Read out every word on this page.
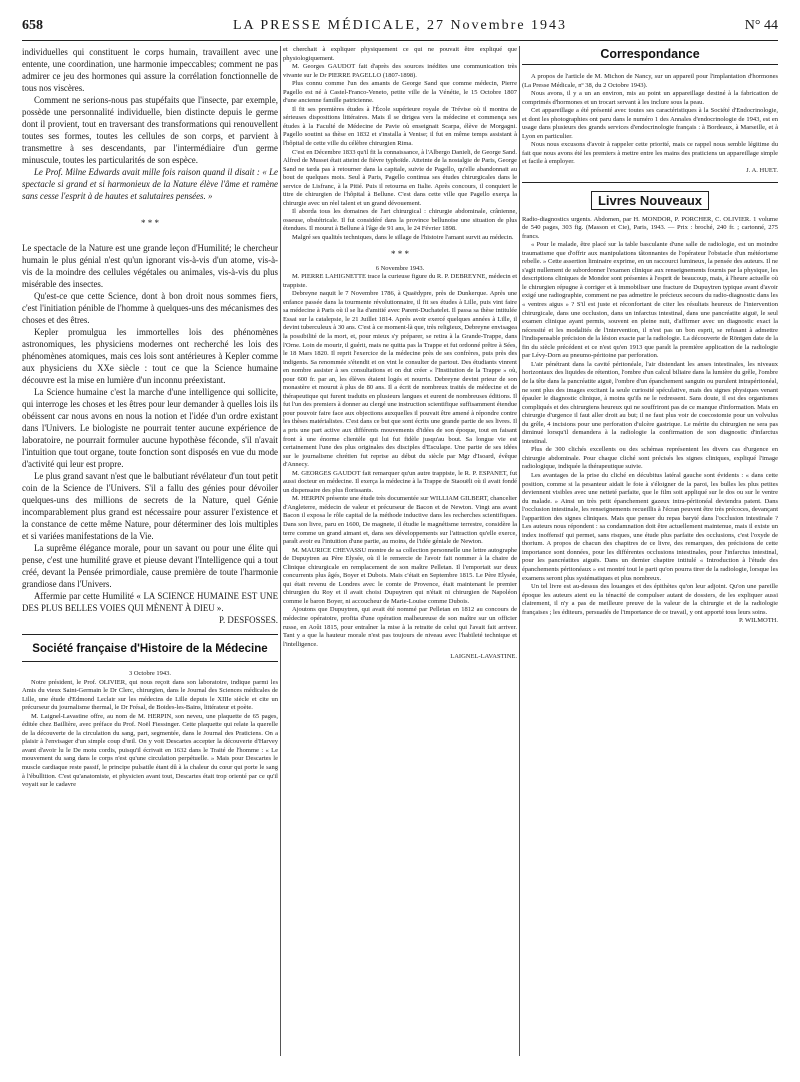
658	LA PRESSE MÉDICALE, 27 Novembre 1943	N° 44

individuelles qui constituent le corps humain, travaillent avec une entente, une coordination, une harmonie impeccables; comment ne pas admirer ce jeu des hormones qui assure la corrélation fonctionnelle de tous nos viscères.

Comment ne serions-nous pas stupéfaits que l'insecte, par exemple, possède une personnalité individuelle, bien distincte depuis le germe dont il provient, tout en traversant des transformations qui renouvellent toutes ses formes, toutes les cellules de son corps, et parvient à transmettre à ses descendants, par l'intermédiaire d'un germe minuscule, toutes les particularités de son espèce.

Le Prof. Milne Edwards avait mille fois raison quand il disait : « Le spectacle si grand et si harmonieux de la Nature élève l'âme et ramène sans cesse l'esprit à de hautes et salutaires pensées. »

* * *

Le spectacle de la Nature est une grande leçon d'Humilité; le chercheur humain le plus génial n'est qu'un ignorant vis-à-vis d'un atome, vis-à-vis de la moindre des cellules végétales ou animales, vis-à-vis du plus misérable des insectes.

Qu'est-ce que cette Science, dont à bon droit nous sommes fiers, c'est l'initiation pénible de l'homme à quelques-uns des mécanismes des choses et des êtres.

Kepler promulgua les immortelles lois des phénomènes astronomiques, les physiciens modernes ont recherché les lois des phénomènes atomiques, mais ces lois sont antérieures à Kepler comme aux physiciens du XXe siècle : tout ce que la Science humaine découvre est la mise en lumière d'un inconnu préexistant.

La Science humaine c'est la marche d'une intelligence qui sollicite, qui interroge les choses et les êtres pour leur demander à quelles lois ils obéissent car nous avons en nous la notion et l'idée d'un ordre existant dans l'Univers. Le biologiste ne pourrait tenter aucune expérience de laboratoire, ne pourrait formuler aucune hypothèse féconde, s'il n'avait l'intuition que tout organe, toute fonction sont disposés en vue du mode d'activité qui leur est propre.

Le plus grand savant n'est que le balbutiant révélateur d'un tout petit coin de la Science de l'Univers. S'il a fallu des génies pour dévoiler quelques-uns des millions de secrets de la Nature, quel Génie incomparablement plus grand est nécessaire pour assurer l'existence et la constance de cette même Nature, pour déterminer des lois multiples et si variées manifestations de la Vie.

La suprême élégance morale, pour un savant ou pour une élite qui pense, c'est une humilité grave et pieuse devant l'Intelligence qui a tout créé, devant la Pensée primordiale, cause première de toute l'harmonie grandiose dans l'Univers.

Affermie par cette Humilité « LA SCIENCE HUMAINE EST UNE DES PLUS BELLES VOIES QUI MÈNENT À DIEU ».

P. DESFOSSES.

Société française d'Histoire de la Médecine

3 Octobre 1943.

Notre président, le Prof. OLIVIER, qui nous reçoit dans son laboratoire, indique parmi les Amis du vieux Saint-Germain le Dr Clerc, chirurgien, dans le Journal des Sciences médicales de Lille, une étude d'Edmond Leclair sur les médecins de Lille depuis le XIIIe siècle et cite un précurseur du journalisme thermal, le Dr Frésal, de Boides-les-Bains, littérateur et poète.

M. Laignel-Lavastine offre, au nom de M. HERPIN, son neveu, une plaquette de 65 pages, éditée chez Baillière, avec préface du Prof. Noël Fiessinger. Cette plaquette qui relate la querelle de la découverte de la circulation du sang, part, segmentée, dans le Journal des Praticiens. On a plaisir à l'envisager d'un simple coup d'œil. On y voit Descartes accepter la découverte d'Harvey avant d'avoir lu le De motu cordis, puisqu'il écrivait en 1632 dans le Traité de l'homme : « Le mouvement du sang dans le corps n'est qu'une circulation perpétuelle. » Mais pour Descartes le muscle cardiaque reste passif, le principe pulsatile étant dû à la chaleur du cœur qui porte le sang à l'ébullition. C'est qu'anatomiste, et physicien avant tout, Descartes était trop orienté par ce qu'il voyait sur le cadavre

et cherchait à expliquer physiquement ce qui ne pouvait être expliqué que physiologiquement.

M. Georges GAUDOT fait d'après des sources inédites une communication très vivante sur le Dr PIERRE PAGELLO (1807-1898).

Plus connu comme l'un des amants de George Sand que comme médecin, Pierre Pagello est né à Castel-Franco-Veneto, petite ville de la Vénétie, le 15 Octobre 1807 d'une ancienne famille patricienne.

Il fit ses premières études à l'École supérieure royale de Trévise où il montra de sérieuses dispositions littéraires. Mais il se dirigea vers la médecine et commença ses études à la Faculté de Médecine de Pavie où enseignait Scarpa, élève de Morgagni. Pagello soutint sa thèse en 1832 et s'installa à Venise; il fut en même temps assistant à l'hôpital de cette ville du célèbre chirurgien Rima.

C'est en Décembre 1833 qu'il fit la connaissance, à l'Albergo Danieli, de George Sand. Alfred de Musset était atteint de fièvre typhoïde. Atteinte de la nostalgie de Paris, George Sand ne tarda pas à retourner dans la capitale, suivie de Pagello, qu'elle abandonnait au bout de quelques mois. Seul à Paris, Pagello continua ses études chirurgicales dans le service de Lisfranc, à la Pitié. Puis il retourna en Italie. Après concours, il conquiert le titre de chirurgien de l'hôpital à Bellune. C'est dans cette ville que Pagello exerça la chirurgie avec un réel talent et un grand dévouement.

Il aborda tous les domaines de l'art chirurgical : chirurgie abdominale, crânienne, osseuse, obstétricale. Il fut considéré dans la province bellunoise une situation de plus étendues. Il mourut à Bellune à l'âge de 91 ans, le 24 Février 1898.

Malgré ses qualités techniques, dans le sillage de l'histoire l'amant survit au médecin.

* * *

6 Novembre 1943.

M. PIERRE LAHIGNETTE trace la curieuse figure du R. P. DEBREYNE, médecin et trappiste.

Debreyne naquit le 7 Novembre 1786, à Quaëdypre, près de Dunkerque. Après une enfance passée dans la tourmente révolutionnaire, il fit ses études à Lille, puis vint faire sa médecine à Paris où il se lia d'amitié avec Parent-Duchatelet. Il passa sa thèse intitulée Essai sur la catalepsie, le 21 Juillet 1814. Après avoir exercé quelques années à Lille, il devint tuberculeux à 30 ans. C'est à ce moment-là que, très religieux, Debreyne envisagea la possibilité de la mort, et, pour mieux s'y préparer, se retira à la Grande-Trappe, dans l'Orne. Loin de mourir, il guérit, mais ne quitta pas la Trappe et fut ordonné prêtre à Sées, le 18 Mars 1820. Il reprit l'exercice de la médecine près de ses confrères, puis près des indigents. Sa renommée s'étendit et on vint le consulter de partout. Des étudiants vinrent en nombre assister à ses consultations et on dut créer « l'Institution de la Trappe » où, pour 600 fr. par an, les élèves étaient logés et nourris. Debreyne devint prieur de son monastère et mourut à plus de 80 ans. Il a écrit de nombreux traités de médecine et de thérapeutique qui furent traduits en plusieurs langues et eurent de nombreuses éditions. Il fut l'un des premiers à donner au clergé une instruction scientifique suffisamment étendue pour pouvoir faire face aux objections auxquelles il pouvait être amené à répondre contre les thèses matérialistes. C'est dans ce but que sont écrits une grande partie de ses livres. Il a pris une part active aux différents mouvements d'idées de son époque, tout en faisant front à une énorme clientèle qui lui fut fidèle jusqu'au bout. Sa longue vie est certainement l'une des plus originales des disciples d'Esculape. Une partie de ses idées sur le journalisme chrétien fut reprise au début du siècle par Mgr d'Isoard, évêque d'Annecy.

M. GEORGES GAUDOT fait remarquer qu'un autre trappiste, le R. P. ESPANET, fut aussi docteur en médecine. Il exerça la médecine à la Trappe de Staouëli où il avait fondé un dispensaire des plus florissants.

M. HERPIN présente une étude très documentée sur WILLIAM GILBERT, chancelier d'Angleterre, médecin de valeur et précurseur de Bacon et de Newton. Vingt ans avant Bacon il exposa le rôle capital de la méthode inductive dans les recherches scientifiques. Dans son livre, paru en 1600, De magnete, il étudie le magnétisme terrestre, considère la terre comme un grand aimant et, dans ses développements sur l'attraction qu'elle exerce, paraît avoir eu l'intuition d'une partie, au moins, de l'idée géniale de Newton.

M. MAURICE CHEVASSU montre de sa collection personnelle une lettre autographe de Dupuytren au Père Elysée, où il le remercie de l'avoir fait nommer à la chaire de Clinique chirurgicale en remplacement de son maître Pelletan. Il l'emportait sur deux concurrents plus âgés, Boyer et Dubois. Mais c'était en Septembre 1815. Le Père Elysée, qui était revenu de Londres avec le comte de Provence, était maintenant le premier chirurgien du Roy et il avait choisi Dupuytren qui n'était ni chirurgien de Napoléon comme le baron Boyer, ni accoucheur de Marie-Louise comme Dubois.

Ajoutons que Dupuytren, qui avait été nommé par Pelletan en 1812 au concours de médecine opératoire, profita d'une opération malheureuse de son maître sur un officier russe, en Août 1815, pour entraîner la mise à la retraite de celui qui l'avait fait arriver. Tant y a que la hauteur morale n'est pas toujours de niveau avec l'habileté technique et l'intelligence.

LAIGNEL-LAVASTINE.

Correspondance

A propos de l'article de M. Michon de Nancy, sur un appareil pour l'implantation d'hormones (La Presse Médicale, nº 38, du 2 Octobre 1943).

Nous avons, il y a un an environ, mis au point un appareillage destiné à la fabrication de comprimés d'hormones et un trocart servant à les inclure sous la peau.

Cet appareillage a été présenté avec toutes ses caractéristiques à la Société d'Endocrinologie, et dont les photographies ont paru dans le numéro 1 des Annales d'endocrinologie de 1943, est en usage dans plusieurs des grands services d'endocrinologie français : à Bordeaux, à Marseille, et à Lyon en particulier.

Nous nous excusons d'avoir à rappeler cette priorité, mais ce rappel nous semble légitime du fait que nous avons été les premiers à mettre entre les mains des praticiens un appareillage simple et facile à employer.

J. A. HUET.

Livres Nouveaux

Radio-diagnostics urgents. Abdomen, par H. MONDOR, P. PORCHER, C. OLIVIER. 1 volume de 540 pages, 303 fig. (Masson et Cie), Paris, 1943. — Prix : broché, 240 fr. ; cartonné, 275 francs.

« Pour le malade, être placé sur la table basculante d'une salle de radiologie, est un moindre traumatisme que d'offrir aux manipulations tâtonnantes de l'opérateur l'obstacle d'un météorisme rebelle. » Cette assertion liminaire exprime, en un raccourci lumineux, la pensée des auteurs. Il ne s'agit nullement de subordonner l'examen clinique aux renseignements fournis par la physique, les descriptions cliniques de Mondor sont présentes à l'esprit de beaucoup, mais, à l'heure actuelle où le chirurgien répugne à corriger et à immobiliser une fracture de Dupuytren typique avant d'avoir exigé une radiographie, comment ne pas admettre le précieux secours du radio-diagnostic dans les « ventres aigus » ? S'il est juste et réconfortant de citer les résultats heureux de l'intervention chirurgicale, dans une occlusion, dans un infarctus intestinal, dans une pancréatite aiguë, le seul examen clinique ayant permis, souvent en pleine nuit, d'affirmer avec un diagnostic exact la nécessité et les modalités de l'intervention, il n'est pas un bon esprit, se refusant à admettre l'indispensable précision de la lésion exacte par la radiologie. La découverte de Röntgen date de la fin du siècle précédent et ce n'est qu'en 1913 que paraît la première application de la radiologie par Lévy-Dorn au pneumo-péritoine par perforation.

L'air pénétrant dans la cavité péritonéale, l'air distendant les anses intestinales, les niveaux horizontaux des liquides de rétention, l'ombre d'un calcul biliaire dans la lumière du grêle, l'ombre de la tête dans la pancréatite aiguë, l'ombre d'un épanchement sanguin ou purulent intrapéritonéal, ne sont plus des images excitant la seule curiosité spéculative, mais des signes physiques venant épauler le diagnostic clinique, à moins qu'ils ne le redressent. Sans doute, il est des organismes compliqués et des chirurgiens heureux qui ne souffriront pas de ce manque d'information. Mais en chirurgie d'urgence il faut aller droit au but; il ne faut plus voir de coecostomie pour un volvulus du grêle, 4 incisions pour une perforation d'ulcère gastrique. Le mérite du chirurgien ne sera pas diminué lorsqu'il demandera à la radiologie la confirmation de son diagnostic d'infarctus intestinal.

Plus de 300 clichés excellents ou des schémas représentent les divers cas d'urgence en chirurgie abdominale. Pour chaque cliché sont précisés les signes cliniques, expliqué l'image radiologique, indiquée la thérapeutique suivie.

Les avantages de la prise du cliché en décubitus latéral gauche sont évidents : « dans cette position, comme si la pesanteur aidait le foie à s'éloigner de la paroi, les bulles les plus petites deviennent visibles avec une netteté parfaite, que le film soit appliqué sur le dos ou sur le ventre du malade. » Ainsi un très petit épanchement gazeux intra-péritonéal deviendra patent. Dans l'occlusion intestinale, les renseignements recueillis à l'écran peuvent être très précoces, devançant l'apparition des signes cliniques. Mais que penser du repas baryté dans l'occlusion intestinale ? Les auteurs nous répondent : sa condamnation doit être actuellement maintenue, mais il existe un index inoffensif qui permet, sans risques, une étude plus parfaite des occlusions, c'est l'oxyde de thorium. A propos de chacun des chapitres de ce livre, des remarques, des précisions de cette importance sont données, pour les différentes occlusions intestinales, pour l'infarctus intestinal, pour les pancréatites aiguës. Dans un dernier chapitre intitulé « Introduction à l'étude des épanchements péritonéaux » est montré tout le parti qu'on pourra tirer de la radiologie, lorsque les examens seront plus systématiques et plus nombreux.

Un tel livre est au-dessus des louanges et des épithètes qu'on leur adjoint. Qu'on une pareille époque les auteurs aient eu la ténacité de compulser autant de dossiers, de les expliquer aussi clairement, il n'y a pas de meilleure preuve de la valeur de la chirurgie et de la radiologie françaises ; les éditeurs, persuadés de l'importance de ce travail, y ont apporté tous leurs soins.

P. WILMOTH.
